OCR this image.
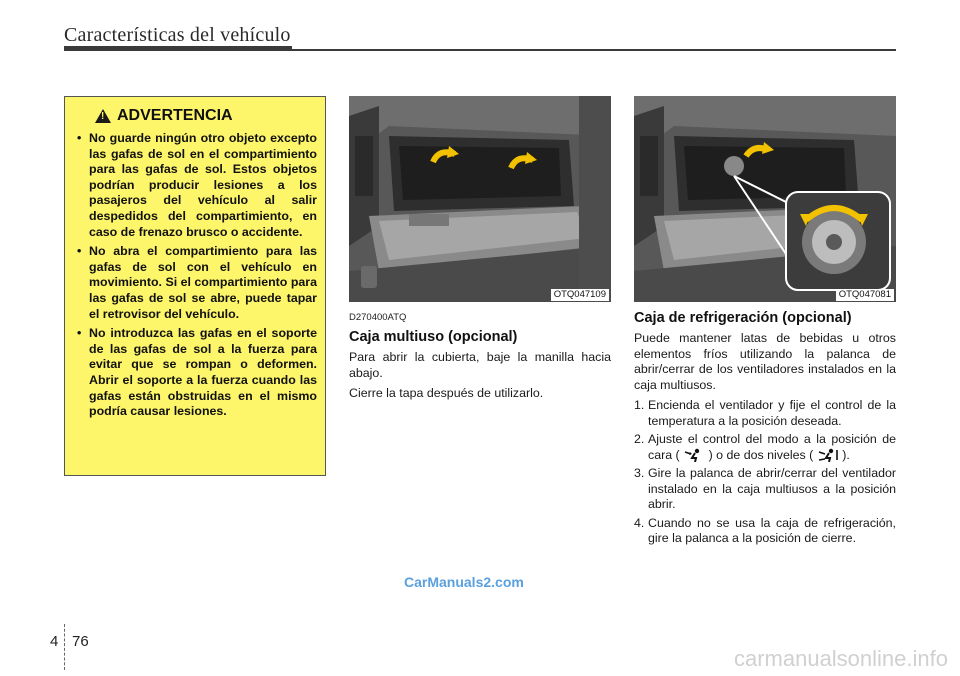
Características del vehículo
!
ADVERTENCIA
• No guarde ningún otro objeto excepto las gafas de sol en el compartimiento para las gafas de sol. Estos objetos podrían producir lesiones a los pasajeros del vehículo al salir despedidos del compartimiento, en caso de frenazo brusco o accidente.
• No abra el compartimiento para las gafas de sol con el vehículo en movimiento. Si el compartimiento para las gafas de sol se abre, puede tapar el retrovisor del vehículo.
• No introduzca las gafas en el soporte de las gafas de sol a la fuerza para evitar que se rompan o deformen. Abrir el soporte a la fuerza cuando las gafas están obstruidas en el mismo podría causar lesiones.
OTQ047109	OTQ047081
D270400ATQ
Caja multiuso (opcional)

Para abrir la cubierta, baje la manilla hacia abajo.

Cierre la tapa después de utilizarlo.

Caja de refrigeración (opcional)

Puede mantener latas de bebidas u otros elementos fríos utilizando la palanca de abrir/cerrar de los ventiladores instalados en la caja multiusos.

1. Encienda el ventilador y fije el control de la temperatura a la posición deseada.
2. Ajuste el control del modo a la posición de cara ( ) o de dos niveles ( ).
3. Gire la palanca de abrir/cerrar del ventilador instalado en la caja multiusos a la posición abrir.
4. Cuando no se usa la caja de refrigeración, gire la palanca a la posición de cierre.
CarManuals2.com
4 76
carmanualsonline.info
